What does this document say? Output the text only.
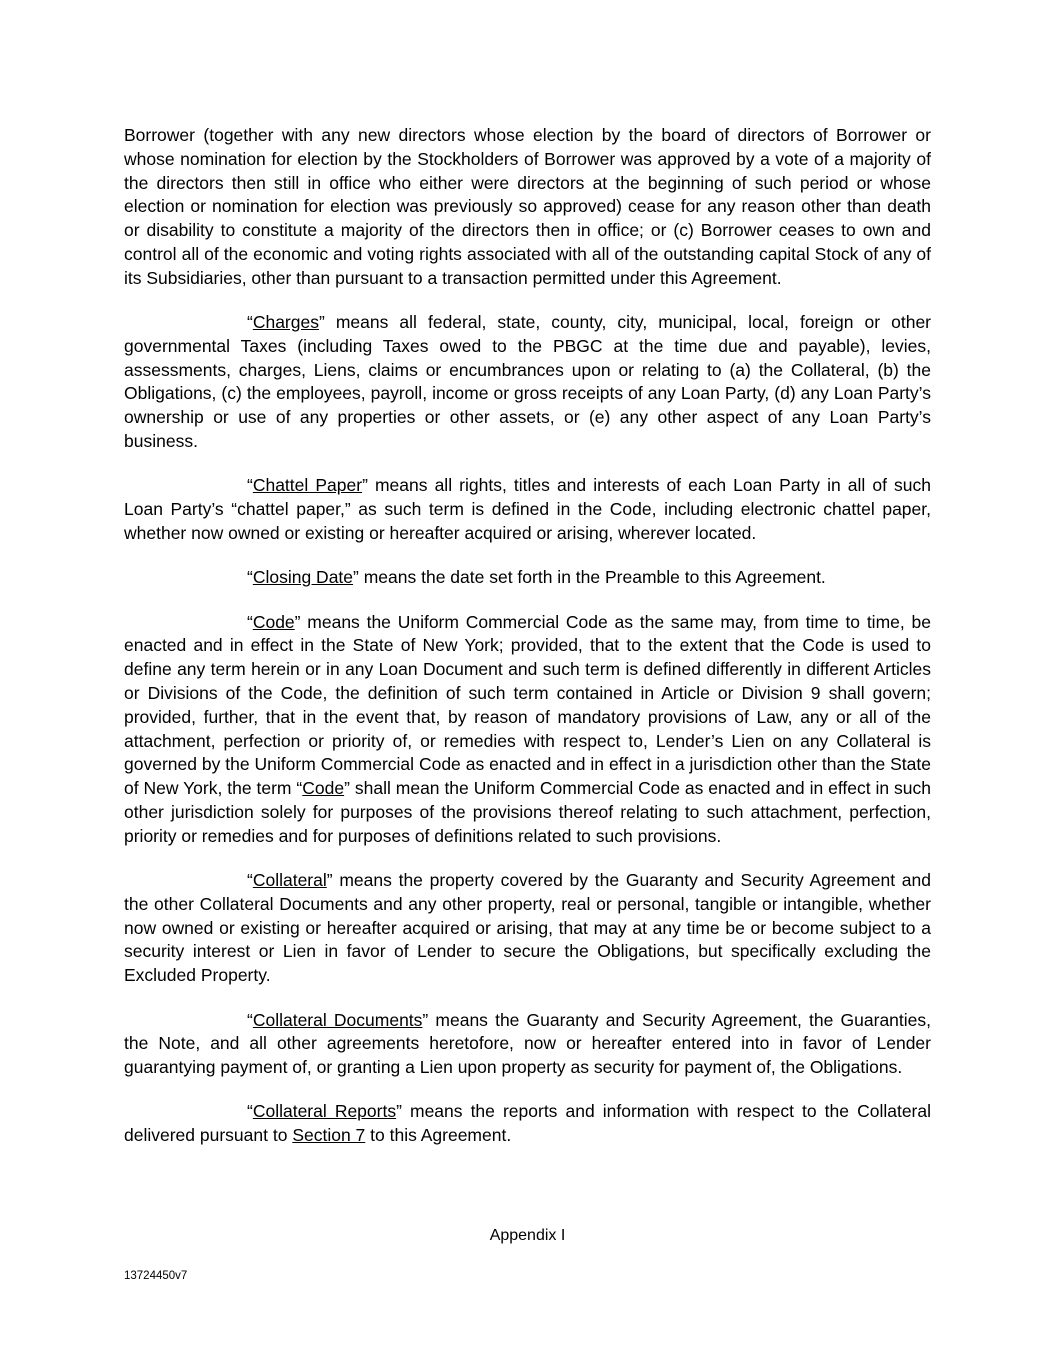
Borrower (together with any new directors whose election by the board of directors of Borrower or whose nomination for election by the Stockholders of Borrower was approved by a vote of a majority of the directors then still in office who either were directors at the beginning of such period or whose election or nomination for election was previously so approved) cease for any reason other than death or disability to constitute a majority of the directors then in office; or (c) Borrower ceases to own and control all of the economic and voting rights associated with all of the outstanding capital Stock of any of its Subsidiaries, other than pursuant to a transaction permitted under this Agreement.

“Charges” means all federal, state, county, city, municipal, local, foreign or other governmental Taxes (including Taxes owed to the PBGC at the time due and payable), levies, assessments, charges, Liens, claims or encumbrances upon or relating to (a) the Collateral, (b) the Obligations, (c) the employees, payroll, income or gross receipts of any Loan Party, (d) any Loan Party’s ownership or use of any properties or other assets, or (e) any other aspect of any Loan Party’s business.

“Chattel Paper” means all rights, titles and interests of each Loan Party in all of such Loan Party’s “chattel paper,” as such term is defined in the Code, including electronic chattel paper, whether now owned or existing or hereafter acquired or arising, wherever located.

“Closing Date” means the date set forth in the Preamble to this Agreement.

“Code” means the Uniform Commercial Code as the same may, from time to time, be enacted and in effect in the State of New York; provided, that to the extent that the Code is used to define any term herein or in any Loan Document and such term is defined differently in different Articles or Divisions of the Code, the definition of such term contained in Article or Division 9 shall govern; provided, further, that in the event that, by reason of mandatory provisions of Law, any or all of the attachment, perfection or priority of, or remedies with respect to, Lender’s Lien on any Collateral is governed by the Uniform Commercial Code as enacted and in effect in a jurisdiction other than the State of New York, the term “Code” shall mean the Uniform Commercial Code as enacted and in effect in such other jurisdiction solely for purposes of the provisions thereof relating to such attachment, perfection, priority or remedies and for purposes of definitions related to such provisions.

“Collateral” means the property covered by the Guaranty and Security Agreement and the other Collateral Documents and any other property, real or personal, tangible or intangible, whether now owned or existing or hereafter acquired or arising, that may at any time be or become subject to a security interest or Lien in favor of Lender to secure the Obligations, but specifically excluding the Excluded Property.

“Collateral Documents” means the Guaranty and Security Agreement, the Guaranties, the Note, and all other agreements heretofore, now or hereafter entered into in favor of Lender guarantying payment of, or granting a Lien upon property as security for payment of, the Obligations.

“Collateral Reports” means the reports and information with respect to the Collateral delivered pursuant to Section 7 to this Agreement.

Appendix I
13724450v7
